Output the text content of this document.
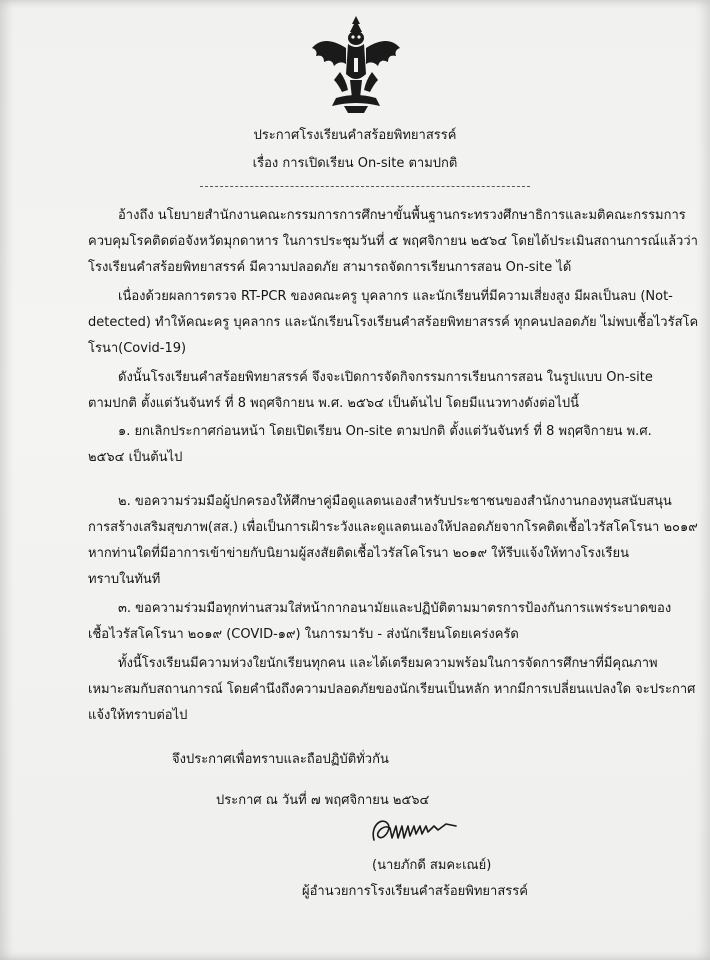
ประกาศโรงเรียนคำสร้อยพิทยาสรรค์
เรื่อง การเปิดเรียน On-site ตามปกติ
อ้างถึง นโยบายสำนักงานคณะกรรมการการศึกษาขั้นพื้นฐานกระทรวงศึกษาธิการและมติคณะกรรมการ
ควบคุมโรคติดต่อจังหวัดมุกดาหาร ในการประชุมวันที่ ๕ พฤศจิกายน ๒๕๖๔ โดยได้ประเมินสถานการณ์แล้วว่า
โรงเรียนคำสร้อยพิทยาสรรค์ มีความปลอดภัย สามารถจัดการเรียนการสอน On-site ได้
เนื่องด้วยผลการตรวจ RT-PCR ของคณะครู บุคลากร และนักเรียนที่มีความเสี่ยงสูง มีผลเป็นลบ (Not-
detected) ทำให้คณะครู บุคลากร และนักเรียนโรงเรียนคำสร้อยพิทยาสรรค์ ทุกคนปลอดภัย ไม่พบเชื้อไวรัสโค
โรนา(Covid-19)
ดังนั้นโรงเรียนคำสร้อยพิทยาสรรค์ จึงจะเปิดการจัดกิจกรรมการเรียนการสอน ในรูปแบบ On-site
ตามปกติ ตั้งแต่วันจันทร์ ที่ 8 พฤศจิกายน พ.ศ. ๒๕๖๔ เป็นต้นไป โดยมีแนวทางดังต่อไปนี้
๑. ยกเลิกประกาศก่อนหน้า โดยเปิดเรียน On-site ตามปกติ ตั้งแต่วันจันทร์ ที่ 8 พฤศจิกายน พ.ศ.
๒๕๖๔ เป็นต้นไป
๒. ขอความร่วมมือผู้ปกครองให้ศึกษาคู่มือดูแลตนเองสำหรับประชาชนของสำนักงานกองทุนสนับสนุน
การสร้างเสริมสุขภาพ(สส.) เพื่อเป็นการเฝ้าระวังและดูแลตนเองให้ปลอดภัยจากโรคติดเชื้อไวรัสโคโรนา ๒๐๑๙
หากท่านใดที่มีอาการเข้าข่ายกับนิยามผู้สงสัยติดเชื้อไวรัสโคโรนา ๒๐๑๙ ให้รีบแจ้งให้ทางโรงเรียน
ทราบในทันที
๓. ขอความร่วมมือทุกท่านสวมใส่หน้ากากอนามัยและปฏิบัติตามมาตรการป้องกันการแพร่ระบาดของ
เชื้อไวรัสโคโรนา ๒๐๑๙ (COVID-๑๙) ในการมารับ - ส่งนักเรียนโดยเคร่งครัด
ทั้งนี้โรงเรียนมีความห่วงใยนักเรียนทุกคน และได้เตรียมความพร้อมในการจัดการศึกษาที่มีคุณภาพ
เหมาะสมกับสถานการณ์ โดยคำนึงถึงความปลอดภัยของนักเรียนเป็นหลัก หากมีการเปลี่ยนแปลงใด จะประกาศ
แจ้งให้ทราบต่อไป
จึงประกาศเพื่อทราบและถือปฏิบัติทั่วกัน
ประกาศ ณ วันที่ ๗ พฤศจิกายน ๒๕๖๔
(นายภักดี สมคะเณย์)
ผู้อำนวยการโรงเรียนคำสร้อยพิทยาสรรค์
